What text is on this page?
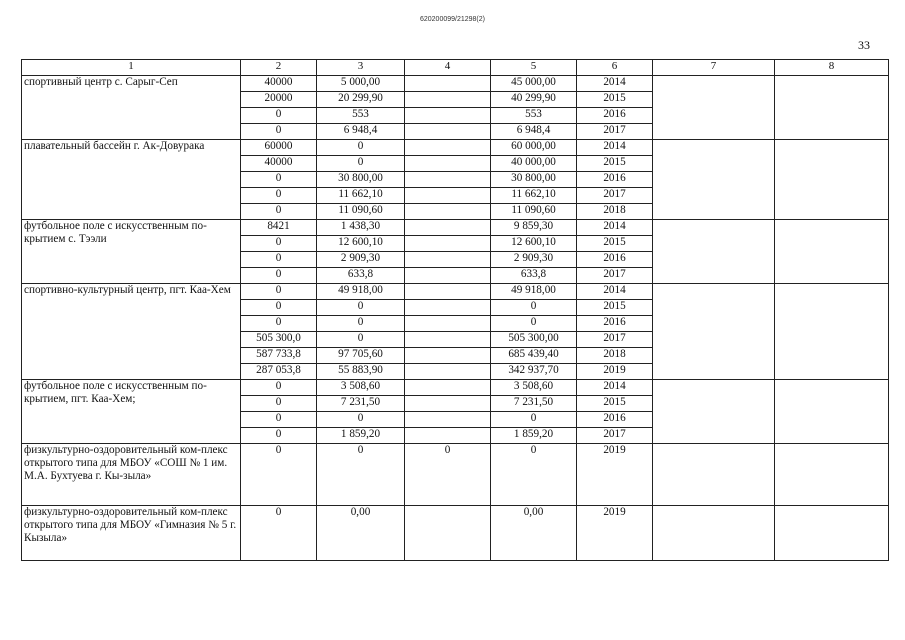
620200099/21298(2)
33
1	2	3	4	5	6	7	8
спортивный центр с. Сарыг-Сеп	40000	5 000,00		45 000,00	2014		
	20000	20 299,90		40 299,90	2015		
	0	553		553	2016		
	0	6 948,4		6 948,4	2017		
плавательный бассейн г. Ак-Довурака	60000	0		60 000,00	2014		
	40000	0		40 000,00	2015		
	0	30 800,00		30 800,00	2016		
	0	11 662,10		11 662,10	2017		
	0	11 090,60		11 090,60	2018		
футбольное поле с искусственным по-крытием с. Тээли	8421	1 438,30		9 859,30	2014		
	0	12 600,10		12 600,10	2015		
	0	2 909,30		2 909,30	2016		
	0	633,8		633,8	2017		
спортивно-культурный центр, пгт. Каа-Хем	0	49 918,00		49 918,00	2014		
	0	0		0	2015		
	0	0		0	2016		
	505 300,0	0		505 300,00	2017		
	587 733,8	97 705,60		685 439,40	2018		
	287 053,8	55 883,90		342 937,70	2019		
футбольное поле с искусственным по-крытием, пгт. Каа-Хем;	0	3 508,60		3 508,60	2014		
	0	7 231,50		7 231,50	2015		
	0	0		0	2016		
	0	1 859,20		1 859,20	2017		
физкультурно-оздоровительный ком-плекс открытого типа для МБОУ «СОШ № 1 им. М.А. Бухтуева г. Кы-зыла»	0	0	0	0	2019		
физкультурно-оздоровительный ком-плекс открытого типа для МБОУ «Гимназия № 5 г. Кызыла»	0	0,00		0,00	2019		
